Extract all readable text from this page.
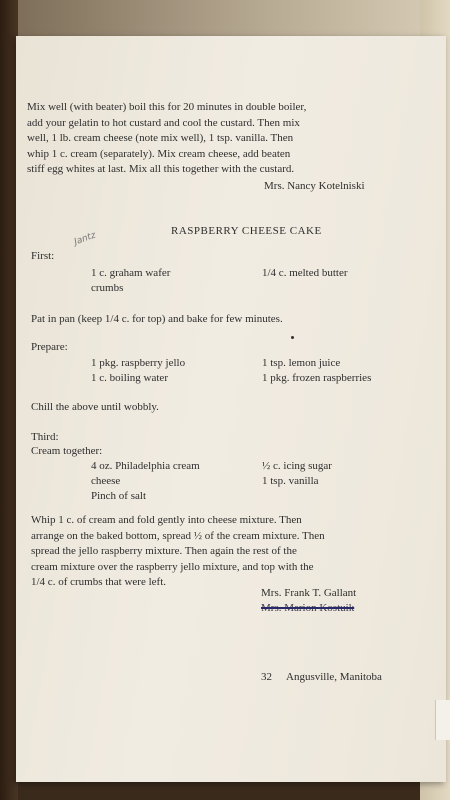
Mix well (with beater) boil this for 20 minutes in double boiler,
add your gelatin to hot custard and cool the custard. Then mix
well, 1 lb. cream cheese (note mix well), 1 tsp. vanilla. Then
whip 1 c. cream (separately). Mix cream cheese, add beaten
stiff egg whites at last. Mix all this together with the custard.
Mrs. Nancy Kotelniski
RASPBERRY CHEESE CAKE
First:
Jantz
1 c. graham wafer
crumbs
1/4 c. melted butter
Pat in pan (keep 1/4 c. for top) and bake for few minutes.
Prepare:
1 pkg. raspberry jello
1 c. boiling water
1 tsp. lemon juice
1 pkg. frozen raspberries
Chill the above until wobbly.
Third:
Cream together:
4 oz. Philadelphia cream
cheese
Pinch of salt
½ c. icing sugar
1 tsp. vanilla
Whip 1 c. of cream and fold gently into cheese mixture. Then
arrange on the baked bottom, spread ½ of the cream mixture. Then
spread the jello raspberry mixture. Then again the rest of the
cream mixture over the raspberry jello mixture, and top with the
1/4 c. of crumbs that were left.
Mrs. Frank T. Gallant
Mrs. Marion Kostuik
32 Angusville, Manitoba
